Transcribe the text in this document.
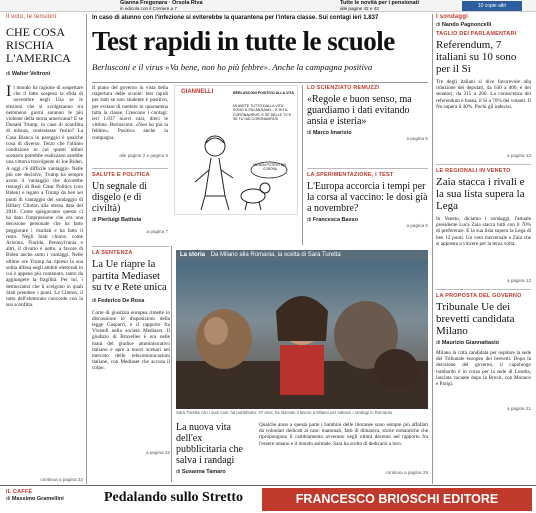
Gianna Fregonara · Orsola Riva
in edicola con il Corriere a 7
Tutte le novità per i pensionati
alle pagine 42 e 43	10 copie altri
Il voto, le tensioni
CHE COSA RISCHIA L'AMERICA
di Walter Veltroni
I l mondo ha ragione di sospettare che il fatto sospeso la sfida di novembre negli Usa se le elezioni che si svolgeranno tra nemmeno giorni saranno le più violente della storia americana? E se Donald Trump, in caso di sconfitta di misura, contestasse l'esito? La Casa Bianca in pareggio è qualche cosa di diverso. Terzo che l'ultimo condizione in cui questi ultimi scenario potrebbe realizzarsi sarebbe una vittoria travolgente di Joe Biden. A oggi c'è difficile vantaggio. Nelle più ore decisive, Trump ha sempre avuto il vantaggio che dovrebbe restargli di Real Clear Politics (con Biden) e legato a Trump da ben sei punti di vantaggio del sondaggio di Hillary Clinton alla stessa data del 2016. Come spiegavamo questo ci ha dato l'impressione che era una decisione personale che ha fatto peggiorare i risultati e ha fatto il resto. Negli Stati chiave, come Arizona, Florida, Pennsylvania e altri, il divario è netto, a favore di Biden anche sotto i vantaggi. Nelle ultime ore Trump ha ripreso la sua solita difesa negli ambiti elettorali in cui è appena più contenuto, tanto da aggiungere la fragilità. Per lui, i democratici che li scelgono in quali Stati prendere i punti. La Clinton, il tutto dell'elettorato concorde con la sua sconfitta.
continua a pagina 32
In caso di alunno con l'infezione si eviterebbe la quarantena per l'intera classe. Sui contagi ieri 1.837
Test rapidi in tutte le scuole
Berlusconi e il virus «Va bene, non ho più febbre». Anche la campagna positiva
Il piano del governo in vista della riapertura delle scuole: test rapidi per tutti se uno studente è positivo, per evitare di mettere in quarantena tutta la classe. Crescono i contagi: ieri 1.837 nuovi casi, dieci le vittime. Berlusconi: «Non ho più la febbre». Positiva anche la compagna.
alle pagine 2 e pagina 9
GIANNELLI	BERLUSCONI POSITIVO ALLA VITA
MI AVETE TUTTO DALLA VITA: SONO IL PIÙ ANZIANO... E HO IL CORONAVIRUS. E SE DELLE TV E SE TU HAI CORONAVIRUS
MA NON POTEVO DEL CORONA
SALUTE E POLITICA
Un segnale di disgelo (e di civiltà)
di Pierluigi Battista
a pagina 7
LA SENTENZA
La Ue riapre la partita Mediaset su tv e Rete unica
di Federico De Rosa
Corte di giustizia europea rimette in discussione le disposizioni della legge Gasparri, e il rapporto fra Vivendi nella società Mediaset. Il giudizio di Bruxelles è ora nelle mani del giudice amministrativo italiano e apre a nuovi scenari nel mercato delle telecomunicazioni italiane, con Mediaset che accusa il colpo.
a pagina 32
LO SCIENZIATO REMUZZI
«Regole e buon senso, ma guardiamo i dati evitando ansia e isteria»
di Marco Imarisio
a pagina 6
LA SPERIMENTAZIONE, I TEST
L'Europa accorcia i tempi per la corsa al vaccino: le dosi già a novembre?
di Francesca Basso
a pagina 5
La storia Da Milano alla Romania, la scelta di Sara Turetta
Sara Turetta con i suoi cani: ha pubblicato, 47 anni, ha lasciato il lavoro a Milano per salvare i randagi in Romania
La nuova vita dell'ex pubblicitaria che salva i randagi
di Susanna Tamaro
Qualche anno a questa parte i bambini delle litoranee sono sempre più affollati da volontari dedicati ai cani: mammali, fatti di dimanica, storie romantiche che ripropongono il cambiamento avvenuto negli ultimi decenni nel rapporto fra l'essere umano e il mondo animale. Sara ha scelto di dedicarsi a loro.
continua a pagina 25
I sondaggi
di Nando Pagnoncelli
TAGLIO DEI PARLAMENTARI
Referendum, 7 italiani su 10 sono per il Sì
Tre degli italiani si dice favorevole alla riduzione dei deputati, da 630 a 400, e dei senatori, da 315 a 200. La conoscenza del referendum è bassa, il Sì a 70% dei votanti. Il No supera il 30%. Pochi gli indecisi.
a pagina 13
LE REGIONALI IN VENETO
Zaia stacca i rivali e la sua lista supera la Lega
In Veneto, diciamo i sondaggi, l'attuale presidente Luca Zaia stacca tutti con il 70% di preferenze. E la sua lista supera la Lega di ben 12 punti. Un voto trasversale a Zaia che si appresta a vincere per la terza volta.
a pagina 12
LA PROPOSTA DEL GOVERNO
Tribunale Ue dei brevetti candidata Milano
di Maurizio Giannattasio
Milano la città candidata per ospitare la sede del Tribunale europeo dei brevetti. Dopo la decisione del governo, il capoluogo lombardo è in corsa per la sede di Londra, lasciata vacante dopo la Brexit, con Monaco e Parigi.
a pagina 21
IL CAFFÈ
di Massimo Gramellini	Pedalando sullo Stretto	FRANCESCO BRIOSCHI EDITORE
